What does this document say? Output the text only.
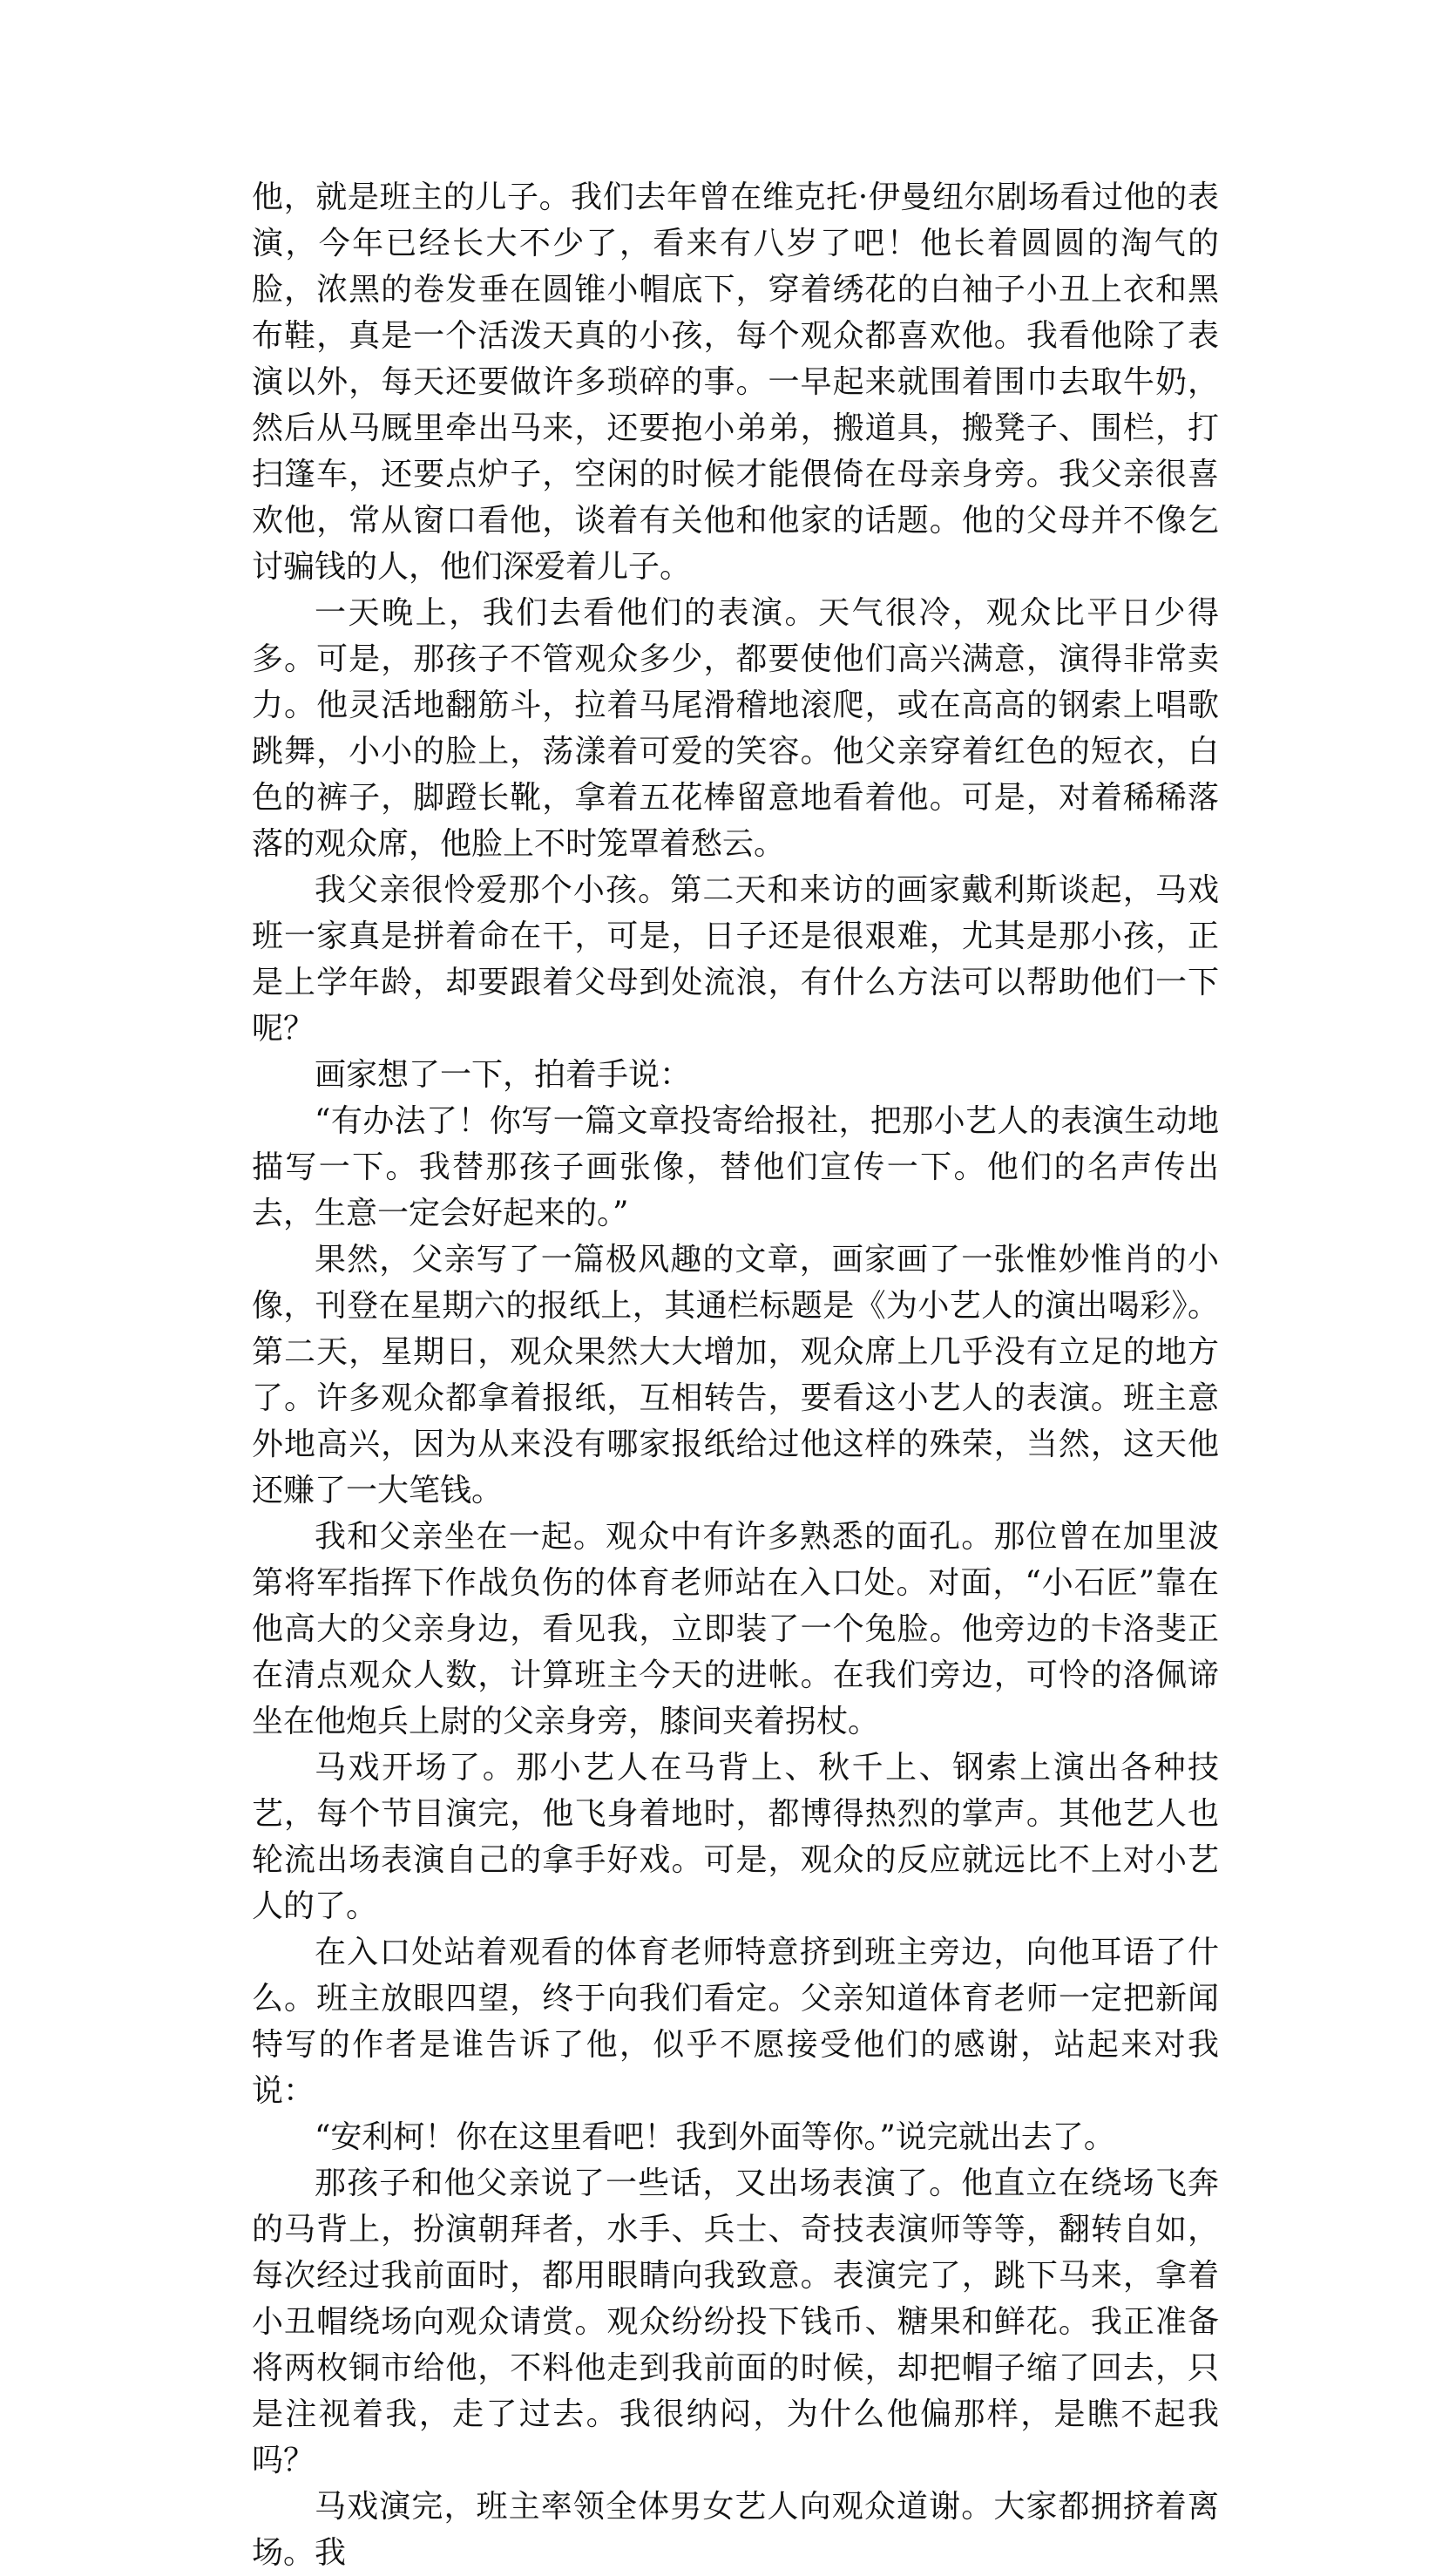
他，就是班主的儿子。我们去年曾在维克托·伊曼纽尔剧场看过他的表演，今年已经长大不少了，看来有八岁了吧！他长着圆圆的淘气的脸，浓黑的卷发垂在圆锥小帽底下，穿着绣花的白袖子小丑上衣和黑布鞋，真是一个活泼天真的小孩，每个观众都喜欢他。我看他除了表演以外，每天还要做许多琐碎的事。一早起来就围着围巾去取牛奶，然后从马厩里牵出马来，还要抱小弟弟，搬道具，搬凳子、围栏，打扫篷车，还要点炉子，空闲的时候才能偎倚在母亲身旁。我父亲很喜欢他，常从窗口看他，谈着有关他和他家的话题。他的父母并不像乞讨骗钱的人，他们深爱着儿子。

一天晚上，我们去看他们的表演。天气很冷，观众比平日少得多。可是，那孩子不管观众多少，都要使他们高兴满意，演得非常卖力。他灵活地翻筋斗，拉着马尾滑稽地滚爬，或在高高的钢索上唱歌跳舞，小小的脸上，荡漾着可爱的笑容。他父亲穿着红色的短衣，白色的裤子，脚蹬长靴，拿着五花棒留意地看着他。可是，对着稀稀落落的观众席，他脸上不时笼罩着愁云。

我父亲很怜爱那个小孩。第二天和来访的画家戴利斯谈起，马戏班一家真是拼着命在干，可是，日子还是很艰难，尤其是那小孩，正是上学年龄，却要跟着父母到处流浪，有什么方法可以帮助他们一下呢？

画家想了一下，拍着手说：

“有办法了！你写一篇文章投寄给报社，把那小艺人的表演生动地描写一下。我替那孩子画张像，替他们宣传一下。他们的名声传出去，生意一定会好起来的。”

果然，父亲写了一篇极风趣的文章，画家画了一张惟妙惟肖的小像，刊登在星期六的报纸上，其通栏标题是《为小艺人的演出喝彩》。第二天，星期日，观众果然大大增加，观众席上几乎没有立足的地方了。许多观众都拿着报纸，互相转告，要看这小艺人的表演。班主意外地高兴，因为从来没有哪家报纸给过他这样的殊荣，当然，这天他还赚了一大笔钱。

我和父亲坐在一起。观众中有许多熟悉的面孔。那位曾在加里波第将军指挥下作战负伤的体育老师站在入口处。对面，“小石匠”靠在他高大的父亲身边，看见我，立即装了一个兔脸。他旁边的卡洛斐正在清点观众人数，计算班主今天的进帐。在我们旁边，可怜的洛佩谛坐在他炮兵上尉的父亲身旁，膝间夹着拐杖。

马戏开场了。那小艺人在马背上、秋千上、钢索上演出各种技艺，每个节目演完，他飞身着地时，都博得热烈的掌声。其他艺人也轮流出场表演自己的拿手好戏。可是，观众的反应就远比不上对小艺人的了。

在入口处站着观看的体育老师特意挤到班主旁边，向他耳语了什么。班主放眼四望，终于向我们看定。父亲知道体育老师一定把新闻特写的作者是谁告诉了他，似乎不愿接受他们的感谢，站起来对我说：

“安利柯！你在这里看吧！我到外面等你。”说完就出去了。

那孩子和他父亲说了一些话，又出场表演了。他直立在绕场飞奔的马背上，扮演朝拜者，水手、兵士、奇技表演师等等，翻转自如，每次经过我前面时，都用眼睛向我致意。表演完了，跳下马来，拿着小丑帽绕场向观众请赏。观众纷纷投下钱币、糖果和鲜花。我正准备将两枚铜市给他，不料他走到我前面的时候，却把帽子缩了回去，只是注视着我，走了过去。我很纳闷，为什么他偏那样，是瞧不起我吗？

马戏演完，班主率领全体男女艺人向观众道谢。大家都拥挤着离场。我
